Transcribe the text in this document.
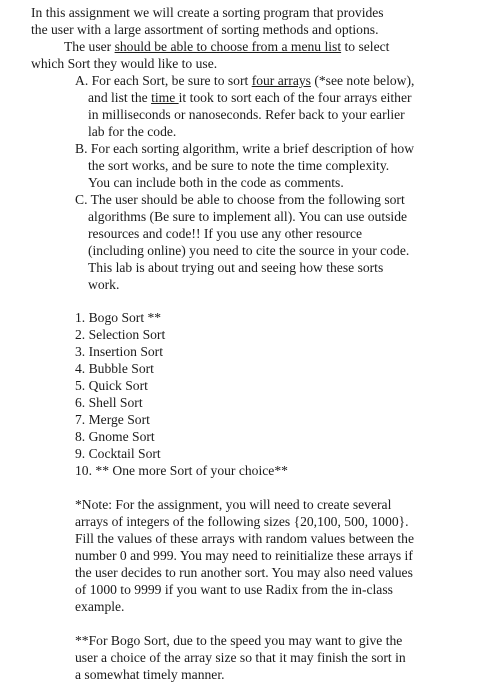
In this assignment we will create a sorting program that provides
the user with a large assortment of sorting methods and options.
The user should be able to choose from a menu list to select
which Sort they would like to use.
A. For each Sort, be sure to sort four arrays (*see note below),
and list the time it took to sort each of the four arrays either
in milliseconds or nanoseconds. Refer back to your earlier
lab for the code.
B. For each sorting algorithm, write a brief description of how
the sort works, and be sure to note the time complexity.
You can include both in the code as comments.
C. The user should be able to choose from the following sort
algorithms (Be sure to implement all). You can use outside
resources and code!! If you use any other resource
(including online) you need to cite the source in your code.
This lab is about trying out and seeing how these sorts
work.
1. Bogo Sort **
2. Selection Sort
3. Insertion Sort
4. Bubble Sort
5. Quick Sort
6. Shell Sort
7. Merge Sort
8. Gnome Sort
9. Cocktail Sort
10. ** One more Sort of your choice**
*Note: For the assignment, you will need to create several
arrays of integers of the following sizes {20,100, 500, 1000}.
Fill the values of these arrays with random values between the
number 0 and 999. You may need to reinitialize these arrays if
the user decides to run another sort. You may also need values
of 1000 to 9999 if you want to use Radix from the in-class
example.
**For Bogo Sort, due to the speed you may want to give the
user a choice of the array size so that it may finish the sort in
a somewhat timely manner.
